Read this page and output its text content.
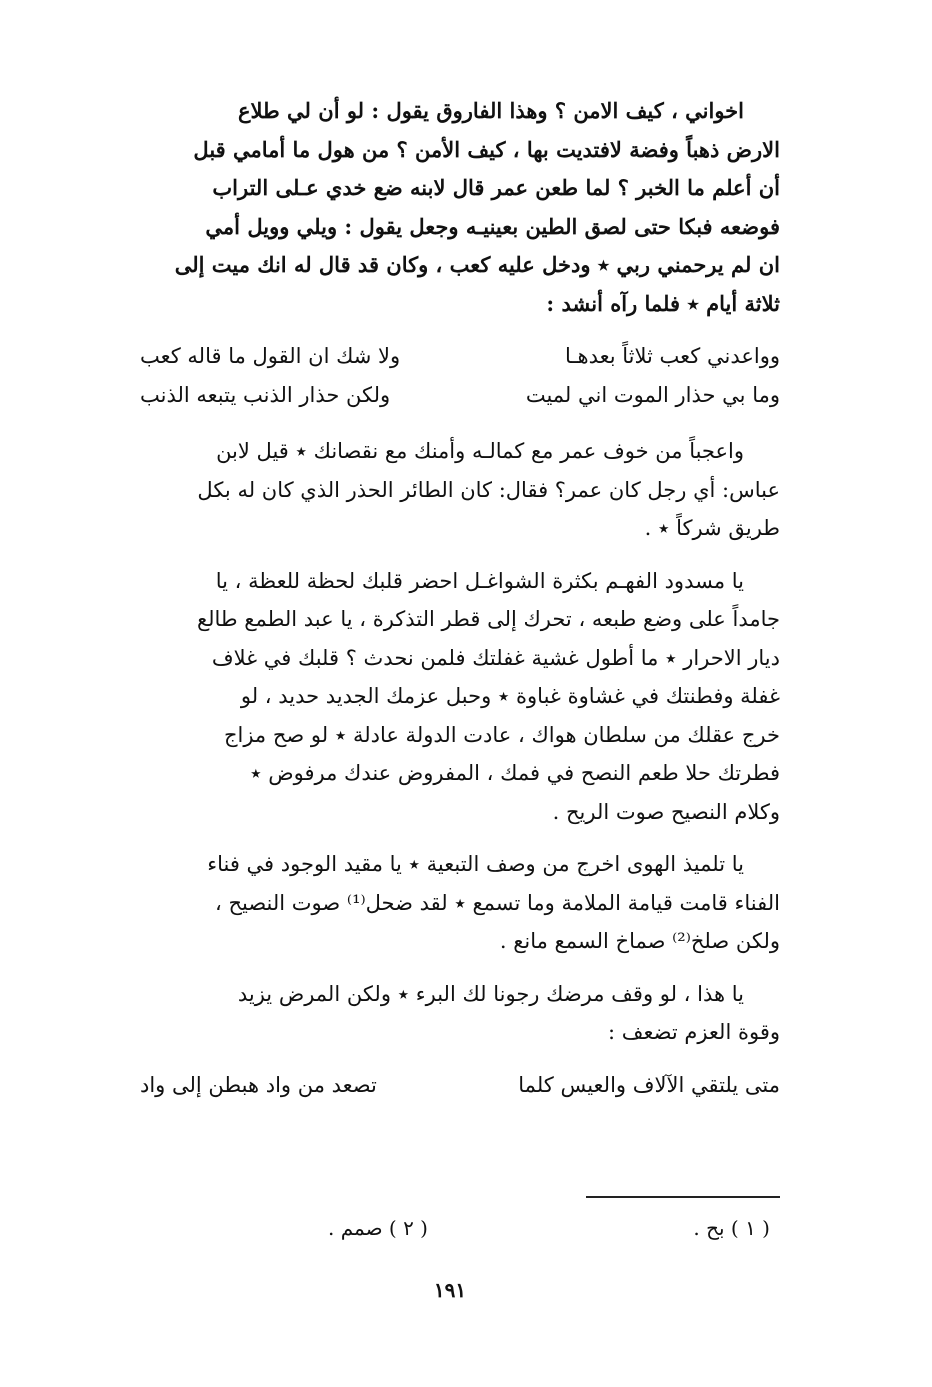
اخواني ، كيف الامن ؟ وهذا الفاروق يقول : لو أن لي طلاع
الارض ذهباً وفضة لافتديت بها ، كيف الأمن ؟ من هول ما أمامي قبل
أن أعلم ما الخبر ؟ لما طعن عمر قال لابنه ضع خدي عـلى التراب
فوضعه فبكا حتى لصق الطين بعينيـه وجعل يقول : ويلي وويل أمي
ان لم يرحمني ربي ٭ ودخل عليه كعب ، وكان قد قال له انك ميت إلى
ثلاثة أيام ٭ فلما رآه أنشد :
وواعدني كعب ثلاثاً بعدهـا
ولا شك ان القول ما قاله كعب
وما بي حذار الموت اني لميت
ولكن حذار الذنب يتبعه الذنب
واعجباً من خوف عمر مع كمالـه وأمنك مع نقصانك ٭ قيل لابن
عباس: أي رجل كان عمر؟ فقال: كان الطائر الحذر الذي كان له بكل
طريق شركاً ٭ .
يا مسدود الفهـم بكثرة الشواغـل احضر قلبك لحظة للعظة ، يا
جامداً على وضع طبعه ، تحرك إلى قطر التذكرة ، يا عبد الطمع طالع
ديار الاحرار ٭ ما أطول غشية غفلتك فلمن نحدث ؟ قلبك في غلاف
غفلة وفطنتك في غشاوة غباوة ٭ وحبل عزمك الجديد حديد ، لو
خرج عقلك من سلطان هواك ، عادت الدولة عادلة ٭ لو صح مزاج
فطرتك حلا طعم النصح في فمك ، المفروض عندك مرفوض ٭
وكلام النصيح صوت الريح .
يا تلميذ الهوى اخرج من وصف التبعية ٭ يا مقيد الوجود في فناء
الفناء قامت قيامة الملامة وما تسمع ٭ لقد ضحل⁽¹⁾ صوت النصيح ،
ولكن صلخ⁽²⁾ صماخ السمع مانع .
يا هذا ، لو وقف مرضك رجونا لك البرء ٭ ولكن المرض يزيد
وقوة العزم تضعف :
متى يلتقي الآلاف والعيس كلما
تصعد من واد هبطن إلى واد
( ١ ) بح .
( ٢ ) صمم .
١٩١
